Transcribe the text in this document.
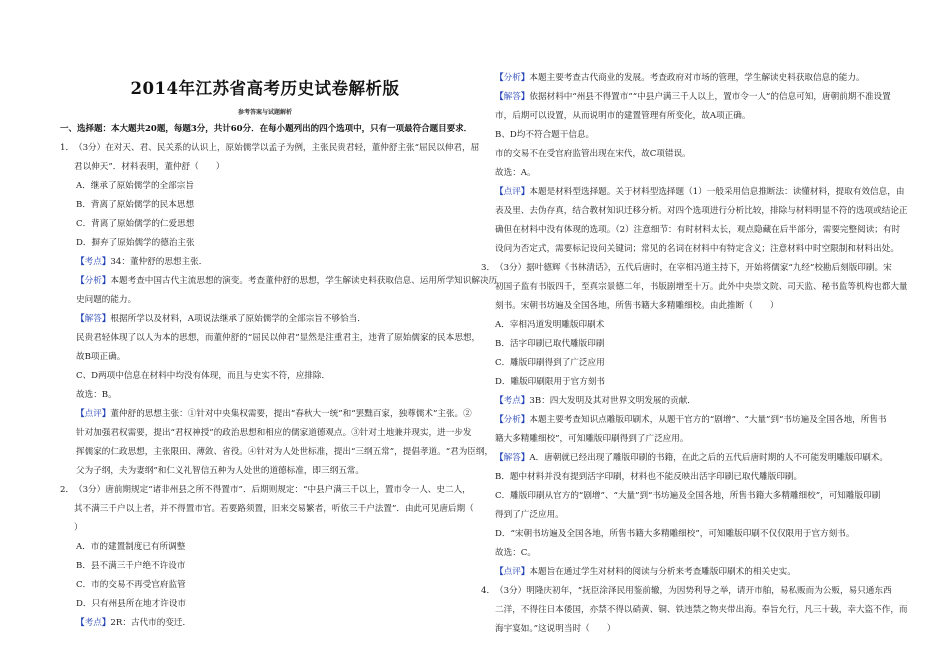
2014年江苏省高考历史试卷解析版
参考答案与试题解析
一、选择题：本大题共20题，每题3分，共计60分．在每小题列出的四个选项中，只有一项最符合题目要求．
1．（3分）在对天、君、民关系的认识上，原始儒学以孟子为例，主张民贵君轻，董仲舒主张“屈民以伸君，屈
君以伸天”．材料表明，董仲舒（　　）
A．继承了原始儒学的全部宗旨
B．背离了原始儒学的民本思想
C．背离了原始儒学的仁爱思想
D．摒弃了原始儒学的德治主张
【考点】34：董仲舒的思想主张．
【分析】本题考查中国古代主流思想的演变。考查董仲舒的思想，学生解读史料获取信息、运用所学知识解决历
史问题的能力。
【解答】根据所学以及材料，A项说法继承了原始儒学的全部宗旨不够恰当．
民贵君轻体现了以人为本的思想，而董仲舒的“屈民以伸君”显然是注重君主，违背了原始儒家的民本思想，
故B项正确。
C、D两项中信息在材料中均没有体现，而且与史实不符，应排除．
故选：B。
【点评】董仲舒的思想主张：①针对中央集权需要，提出“春秋大一统”和“罢黜百家，独尊儒术”主张。②
针对加强君权需要，提出“君权神授”的政治思想和相应的儒家道德观点。③针对土地兼并现实，进一步发
挥儒家的仁政思想，主张限田、薄敛、省役。④针对为人处世标准，提出“三纲五常”，提倡孝道。“君为臣纲，
父为子纲，夫为妻纲”和仁义礼智信五种为人处世的道德标准，即三纲五常。
2．（3分）唐前期规定“诸非州县之所不得置市”．后期则规定：“中县户满三千以上，置市令一人、史二人，
其不满三千户以上者，并不得置市官。若要路须置，旧来交易繁者，听依三千户法置”．由此可见唐后期（
）
A．市的建置制度已有所调整
B．县不满三千户绝不许设市
C．市的交易不再受官府监管
D．只有州县所在地才许设市
【考点】2R：古代市的变迁．
【分析】本题主要考查古代商业的发展。考查政府对市场的管理，学生解读史料获取信息的能力。
【解答】依据材料中“州县不得置市”“中县户满三千人以上，置市令一人”的信息可知，唐朝前期不准设置
市，后期可以设置，从而说明市的建置管理有所变化，故A项正确。
B、D均不符合题干信息。
市的交易不在受官府监管出现在宋代，故C项错误。
故选：A。
【点评】本题是材料型选择题。关于材料型选择题（1）一般采用信息推断法：读懂材料，提取有效信息，由
表及里、去伪存真，结合教材知识迁移分析。对四个选项进行分析比较，排除与材料明显不符的选项或结论正
确但在材料中没有体现的选项。（2）注意细节：有时材料太长，观点隐藏在后半部分，需要完整阅读；有时
设问为否定式，需要标记设问关键词；常见的名词在材料中有特定含义；注意材料中时空限制和材料出处。
3．（3分）据叶德辉《书林清话》，五代后唐时，在宰相冯道主持下，开始将儒家“九经”校勘后刻版印刷。宋
初国子监有书版四千，至真宗景德二年，书版剧增至十万。此外中央崇文院、司天监、秘书监等机构也都大量
刻书。宋朝书坊遍及全国各地，所售书籍大多精雕细校。由此推断（　　）
A．宰相冯道发明雕版印刷术
B．活字印刷已取代雕版印刷
C．雕版印刷得到了广泛应用
D．雕版印刷限用于官方刻书
【考点】3B：四大发明及其对世界文明发展的贡献．
【分析】本题主要考查知识点雕版印刷术，从题干官方的“剧增”、“大量”到“书坊遍及全国各地，所售书
籍大多精雕细校”，可知雕版印刷得到了广泛应用。
【解答】A．唐朝就已经出现了雕版印刷的书籍，在此之后的五代后唐时期的人不可能发明雕版印刷术。
B．题中材料并没有提到活字印刷，材料也不能反映出活字印刷已取代雕版印刷。
C．雕版印刷从官方的“剧增”、“大量”到“书坊遍及全国各地，所售书籍大多精雕细校”，可知雕版印刷
得到了广泛应用。
D．“宋朝书坊遍及全国各地，所售书籍大多精雕细校”，可知雕版印刷不仅仅限用于官方刻书。
故选：C。
【点评】本题旨在通过学生对材料的阅读与分析来考查雕版印刷术的相关史实。
4．（3分）明隆庆初年，“抚臣涂泽民用鉴前辙，为因势利导之举，请开市舶，易私贩而为公贩，易只通东西
二洋，不得往日本倭国，亦禁不得以硝黄、铜、铁违禁之物夹带出海。奉旨允行，凡三十载，幸大盗不作，而
海宇宴如。”这说明当时（　　）
